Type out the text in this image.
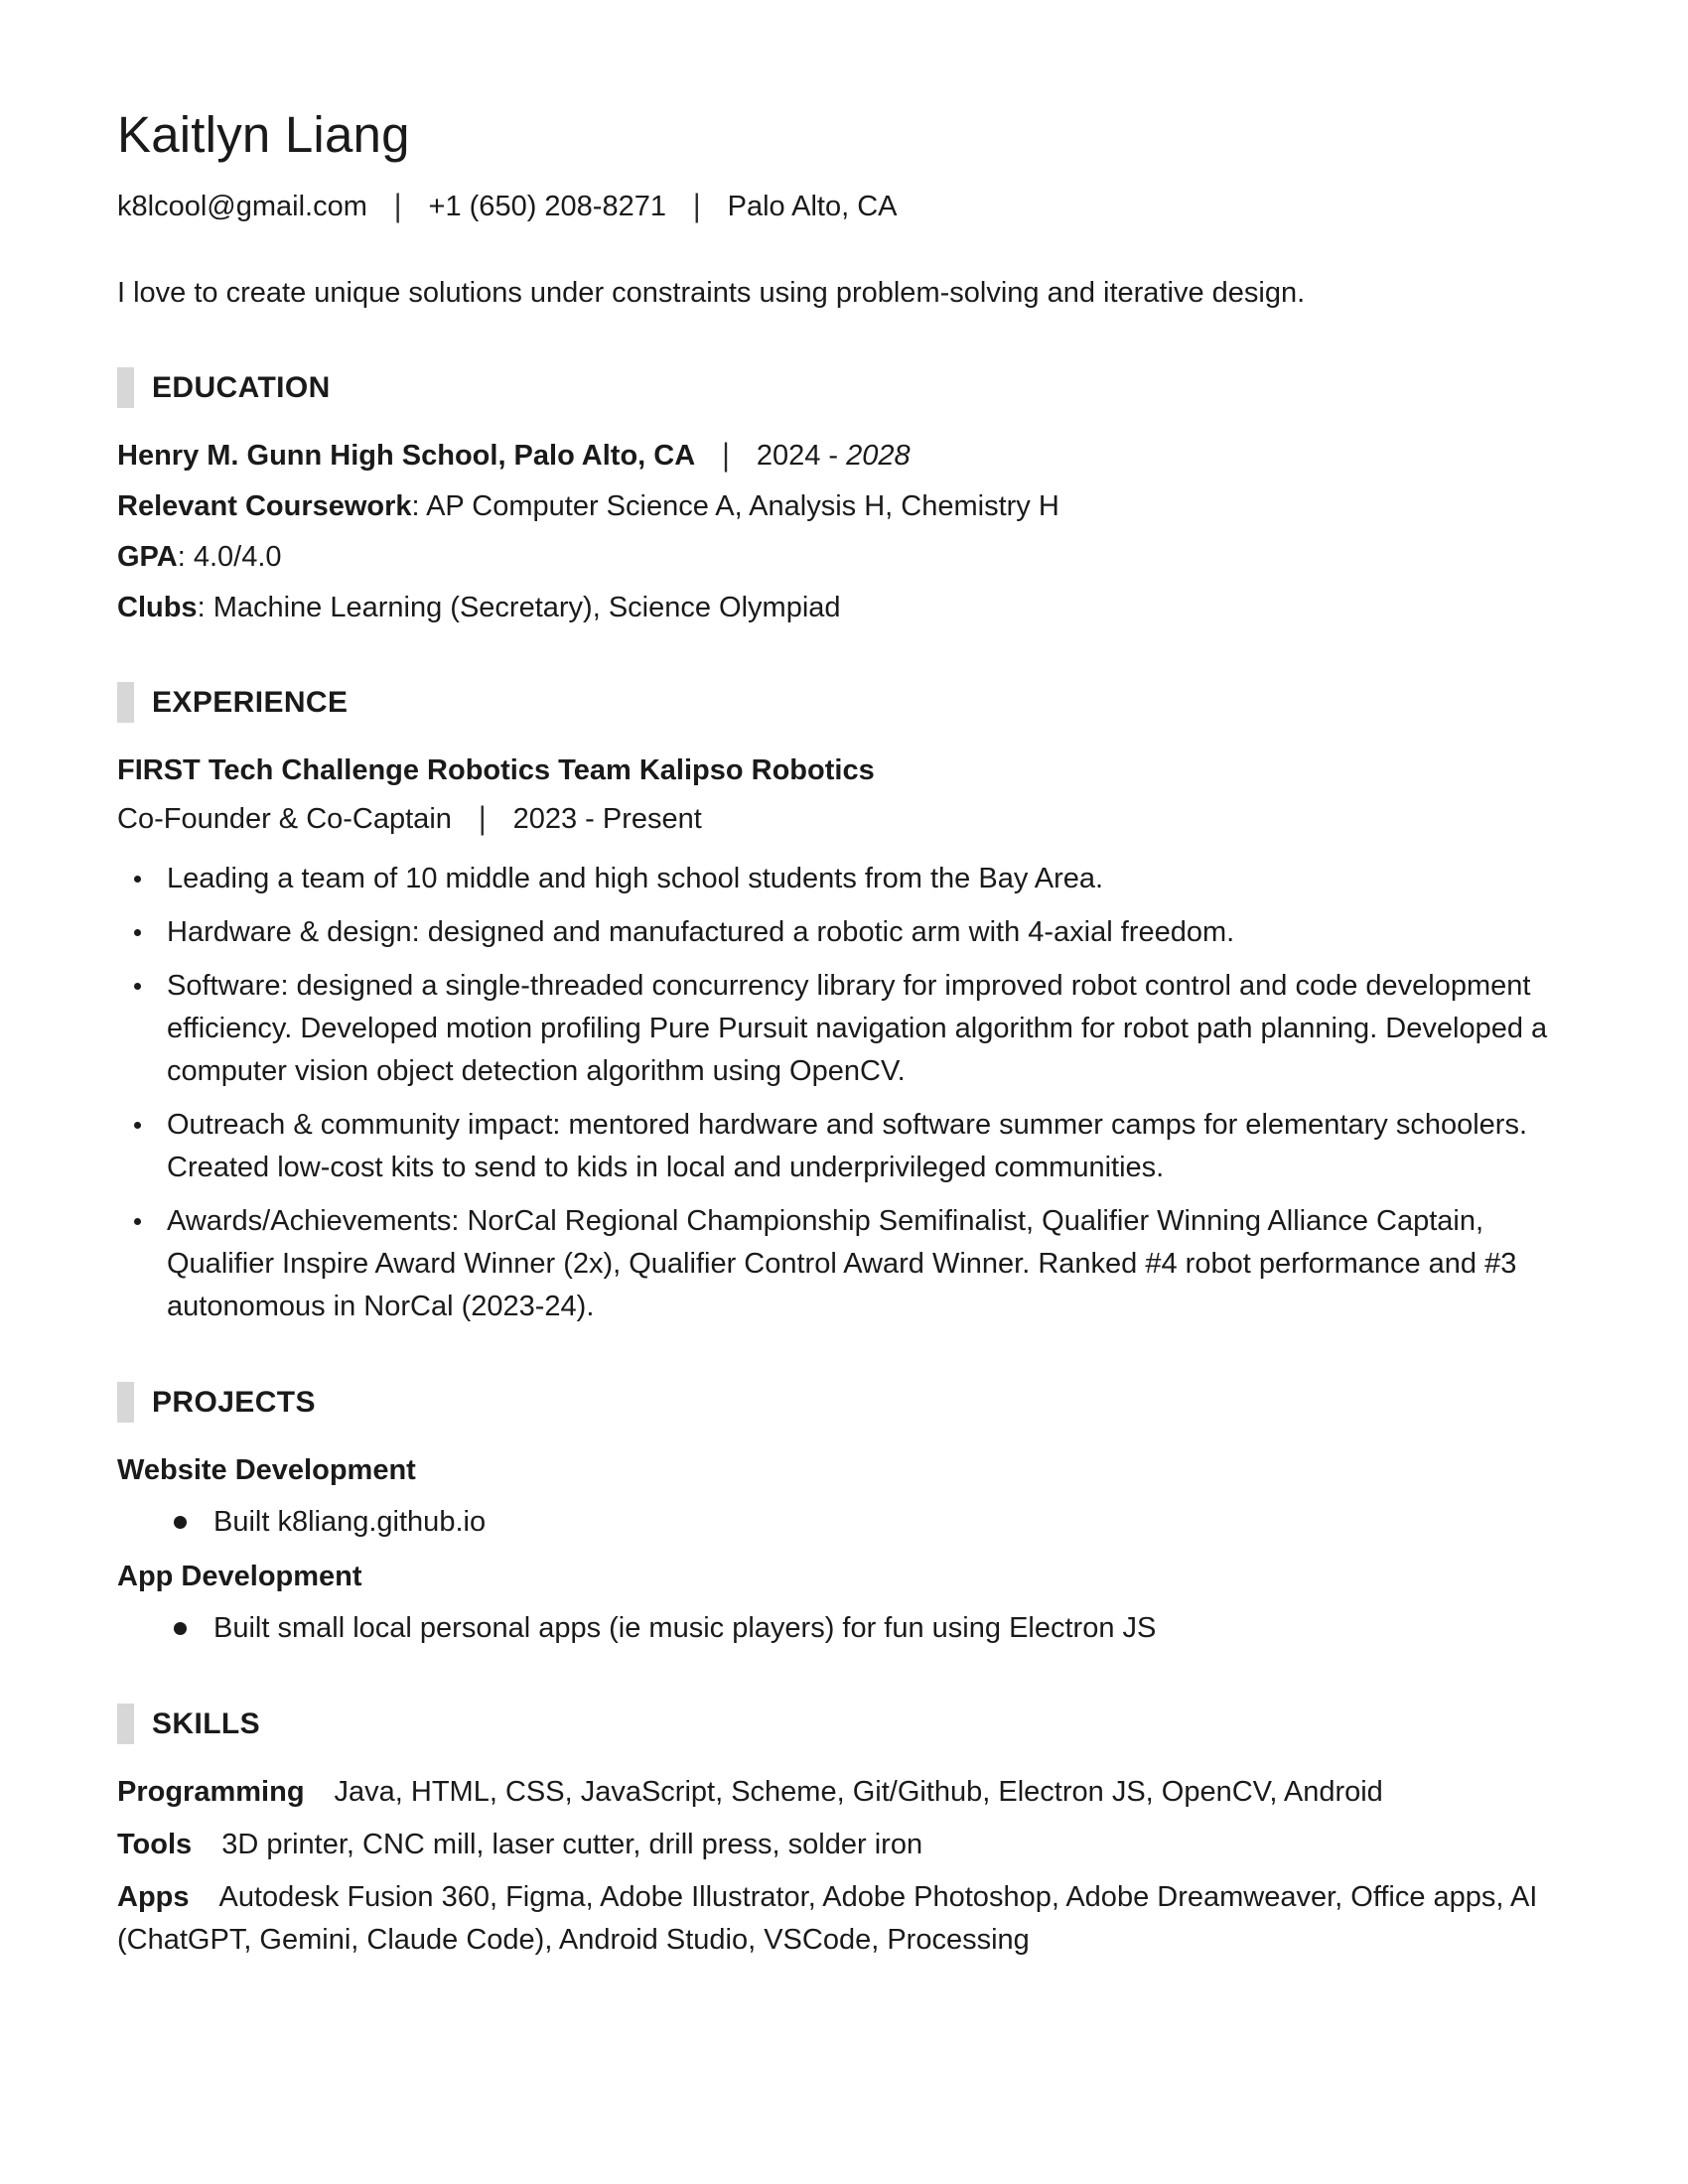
Kaitlyn Liang
k8lcool@gmail.com | +1 (650) 208-8271 | Palo Alto, CA

I love to create unique solutions under constraints using problem-solving and iterative design.

EDUCATION

Henry M. Gunn High School, Palo Alto, CA | 2024 - 2028

Relevant Coursework: AP Computer Science A, Analysis H, Chemistry H

GPA: 4.0/4.0

Clubs: Machine Learning (Secretary), Science Olympiad

EXPERIENCE

FIRST Tech Challenge Robotics Team Kalipso Robotics

Co-Founder & Co-Captain | 2023 - Present

Leading a team of 10 middle and high school students from the Bay Area.
Hardware & design: designed and manufactured a robotic arm with 4-axial freedom.
Software: designed a single-threaded concurrency library for improved robot control and code development efficiency. Developed motion profiling Pure Pursuit navigation algorithm for robot path planning. Developed a computer vision object detection algorithm using OpenCV.
Outreach & community impact: mentored hardware and software summer camps for elementary schoolers. Created low-cost kits to send to kids in local and underprivileged communities.
Awards/Achievements: NorCal Regional Championship Semifinalist, Qualifier Winning Alliance Captain, Qualifier Inspire Award Winner (2x), Qualifier Control Award Winner. Ranked #4 robot performance and #3 autonomous in NorCal (2023-24).
PROJECTS

Website Development

Built k8liang.github.io

App Development

Built small local personal apps (ie music players) for fun using Electron JS
SKILLS

Programming Java, HTML, CSS, JavaScript, Scheme, Git/Github, Electron JS, OpenCV, Android

Tools 3D printer, CNC mill, laser cutter, drill press, solder iron

Apps Autodesk Fusion 360, Figma, Adobe Illustrator, Adobe Photoshop, Adobe Dreamweaver, Office apps, AI (ChatGPT, Gemini, Claude Code), Android Studio, VSCode, Processing
